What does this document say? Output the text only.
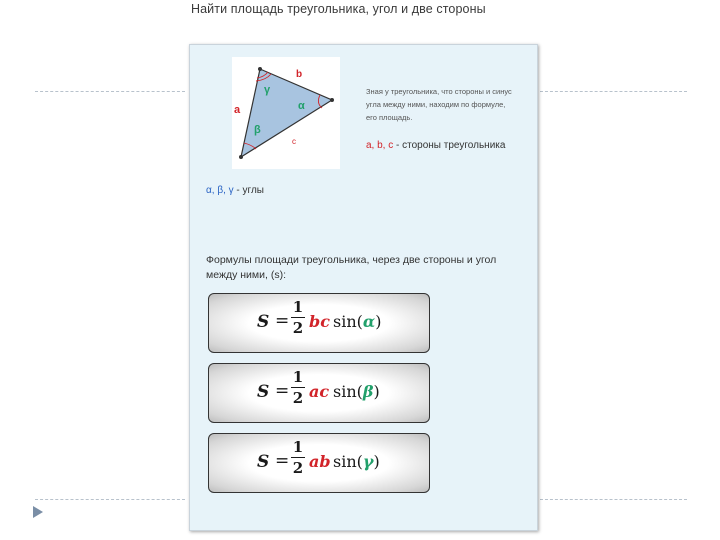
Найти площадь треугольника, угол и две стороны
b
a
c
γ
α
β
Зная у треугольника, что стороны и синус угла между ними, находим по формуле, его площадь.
a, b, c - стороны треугольника
α, β, γ - углы
Формулы площади треугольника, через две стороны и угол между ними, (s):
S =
1
2 bc sin(α)
S =
1
2 ac sin(β)
S =
1
2 ab sin(γ)
